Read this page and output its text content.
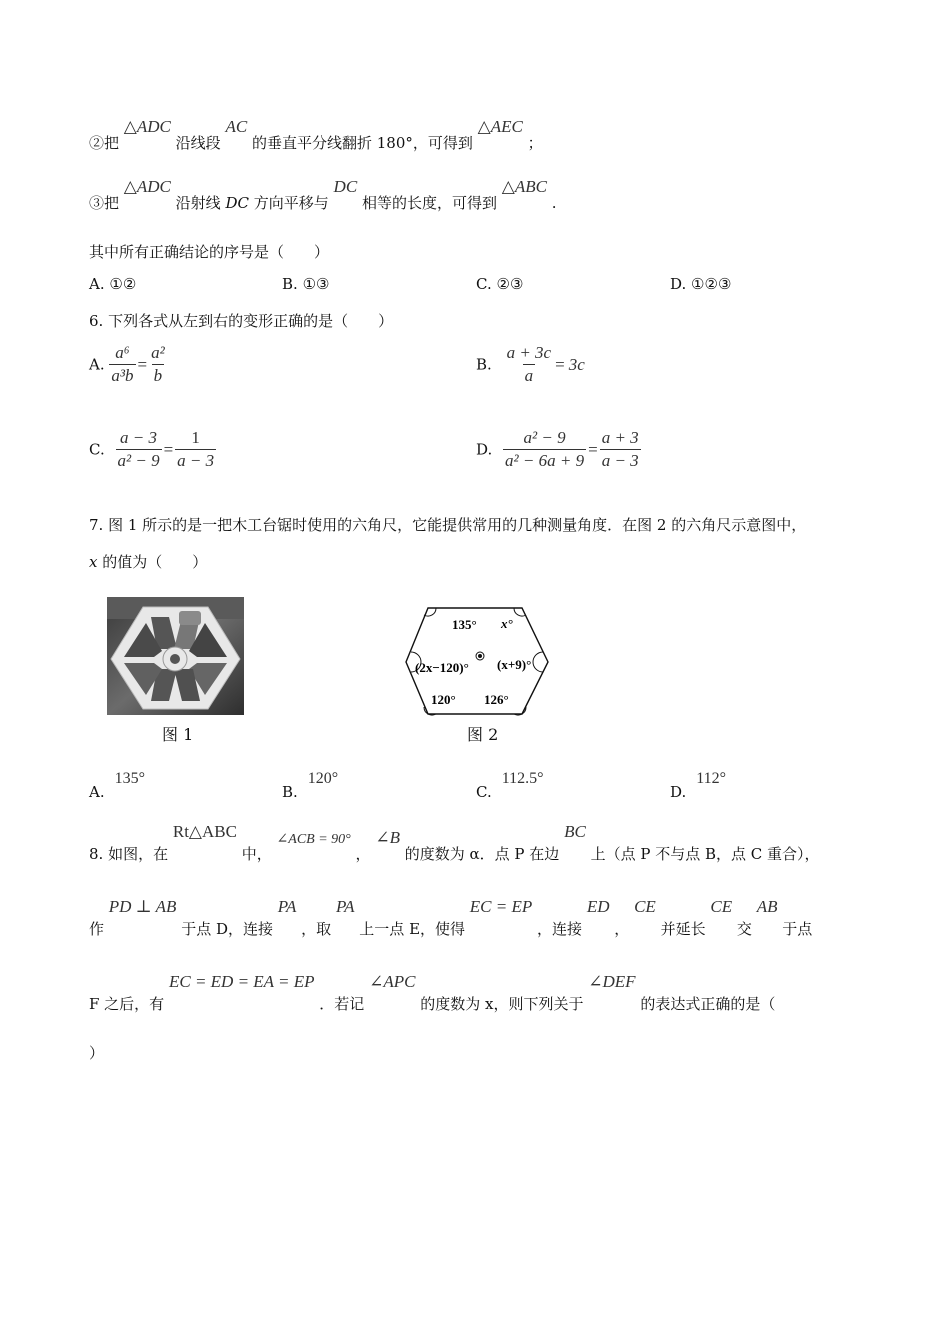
②把 △ADC 沿线段 AC 的垂直平分线翻折 180°，可得到 △AEC ；
③把 △ADC 沿射线 DC 方向平移与 DC 相等的长度，可得到 △ABC .
其中所有正确结论的序号是（　　）
A. ①②	B. ①③	C. ②③	D. ①②③
6. 下列各式从左到右的变形正确的是（　　）
A. $\frac{\text{a⁶}}{\text{a³b}} = \frac{\text{a²}}{b}$	B. $\frac{a + 3c}{a} = 3c$
C. $\frac{a - 3}{\text{a² − 9}} = \frac{1}{a - 3}$	D. $\frac{\text{a² − 9}}{\text{a² − 6a + 9}} = \frac{a + 3}{a - 3}$
7. 图 1 所示的是一把木工台锯时使用的六角尺，它能提供常用的几种测量角度．在图 2 的六角尺示意图中，
x 的值为（　　）
图 1
135° x°
(2x−120)° (x+9)°
120° 126°
图 2
A.135°
B.120°
C.112.5°
D.112°
8. 如图，在 Rt△ABC 中， ∠ACB = 90° ， ∠B 的度数为 α．点 P 在边 BC 上（点 P 不与点 B，点 C 重合），
作 PD ⊥ AB 于点 D，连接 PA ，取 PA 上一点 E，使得 EC = EP ，连接 ED ， CE 并延长 CE 交 AB 于点
F 之后，有 EC = ED = EA = EP ．若记 ∠APC 的度数为 x，则下列关于 ∠DEF 的表达式正确的是（
）
